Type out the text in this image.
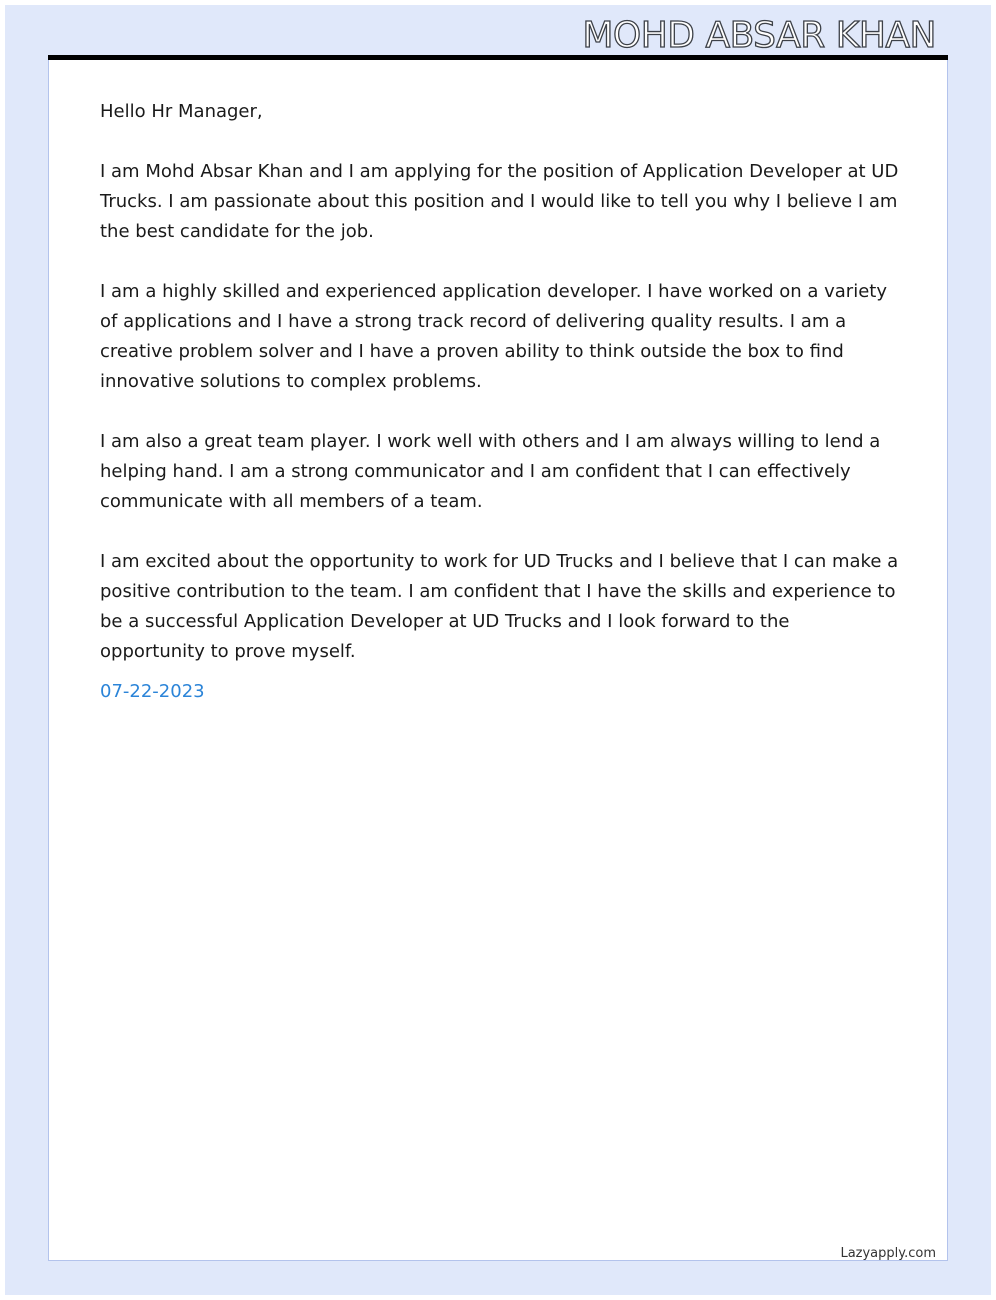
MOHD ABSAR KHAN

Hello Hr Manager,

I am Mohd Absar Khan and I am applying for the position of Application Developer at UD Trucks. I am passionate about this position and I would like to tell you why I believe I am the best candidate for the job.

I am a highly skilled and experienced application developer. I have worked on a variety of applications and I have a strong track record of delivering quality results. I am a creative problem solver and I have a proven ability to think outside the box to find innovative solutions to complex problems.

I am also a great team player. I work well with others and I am always willing to lend a helping hand. I am a strong communicator and I am confident that I can effectively communicate with all members of a team.

I am excited about the opportunity to work for UD Trucks and I believe that I can make a positive contribution to the team. I am confident that I have the skills and experience to be a successful Application Developer at UD Trucks and I look forward to the opportunity to prove myself.

07-22-2023

Lazyapply.com
